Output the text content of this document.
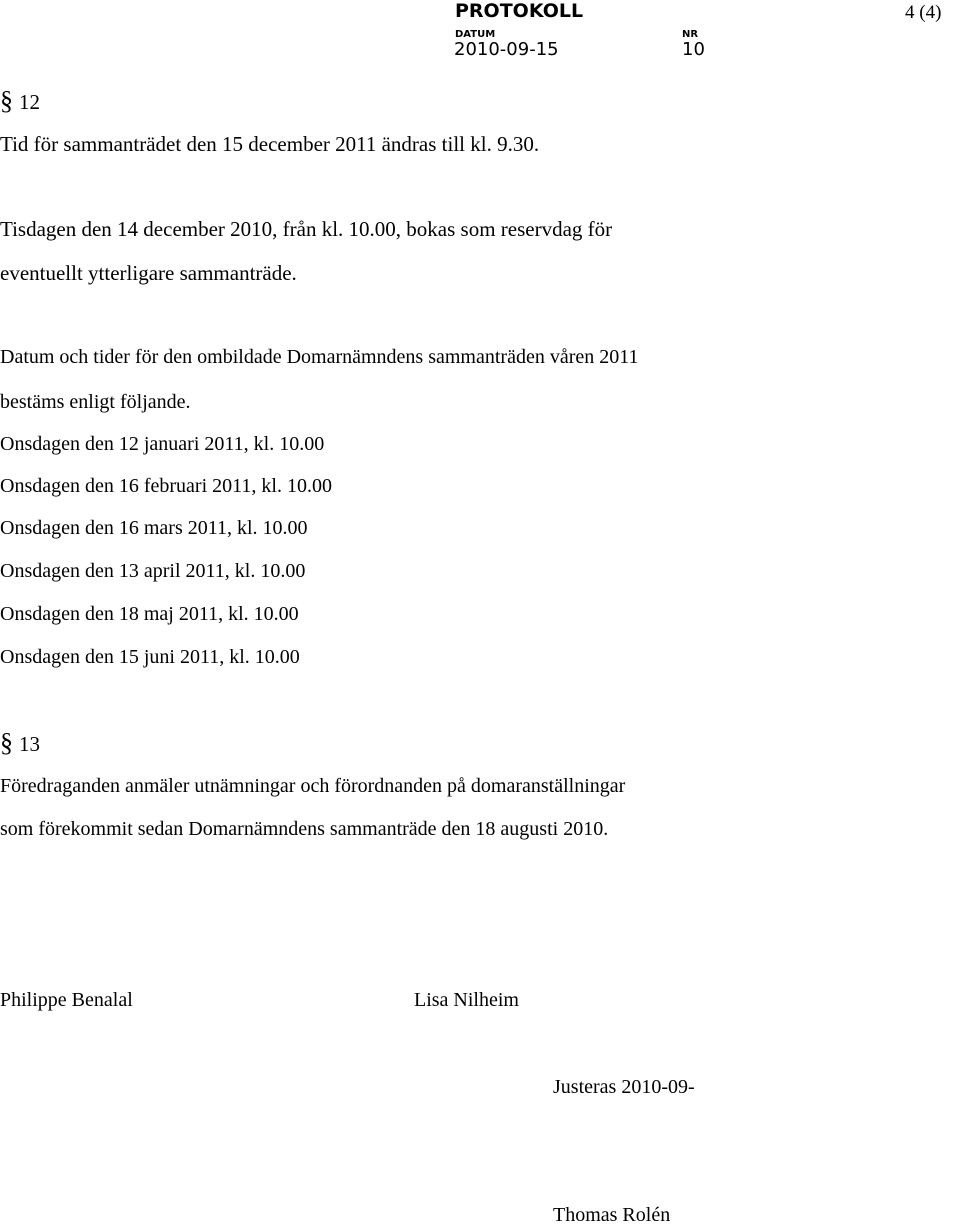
PROTOKOLL	4 (4)
DATUM
2010-09-15
NR
10
§ 12
Tid för sammanträdet den 15 december 2011 ändras till kl. 9.30.
Tisdagen den 14 december 2010, från kl. 10.00, bokas som reservdag för
eventuellt ytterligare sammanträde.
Datum och tider för den ombildade Domarnämndens sammanträden våren 2011
bestäms enligt följande.
Onsdagen den 12 januari 2011, kl. 10.00
Onsdagen den 16 februari 2011, kl. 10.00
Onsdagen den 16 mars 2011, kl. 10.00
Onsdagen den 13 april 2011, kl. 10.00
Onsdagen den 18 maj 2011, kl. 10.00
Onsdagen den 15 juni 2011, kl. 10.00
§ 13
Föredraganden anmäler utnämningar och förordnanden på domaranställningar
som förekommit sedan Domarnämndens sammanträde den 18 augusti 2010.
Philippe Benalal	Lisa Nilheim
Justeras 2010-09-
Thomas Rolén
